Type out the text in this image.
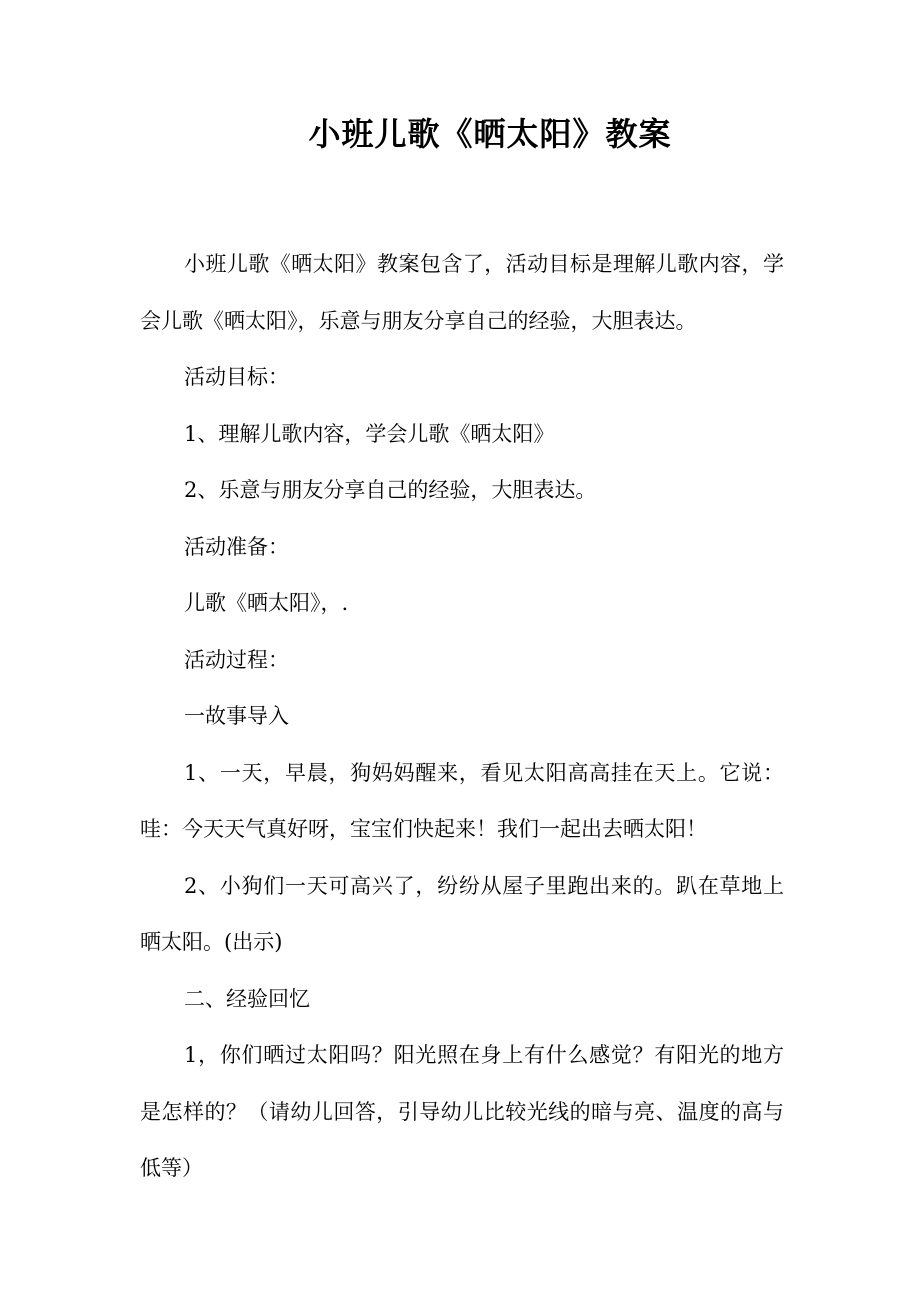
小班儿歌《晒太阳》教案

小班儿歌《晒太阳》教案包含了，活动目标是理解儿歌内容，学会儿歌《晒太阳》，乐意与朋友分享自己的经验，大胆表达。

活动目标：

1、理解儿歌内容，学会儿歌《晒太阳》

2、乐意与朋友分享自己的经验，大胆表达。

活动准备：

儿歌《晒太阳》，.

活动过程：

一故事导入

1、一天，早晨，狗妈妈醒来，看见太阳高高挂在天上。它说：哇：今天天气真好呀，宝宝们快起来！我们一起出去晒太阳！

2、小狗们一天可高兴了，纷纷从屋子里跑出来的。趴在草地上晒太阳。(出示)

二、经验回忆

1，你们晒过太阳吗？阳光照在身上有什么感觉？有阳光的地方是怎样的？（请幼儿回答，引导幼儿比较光线的暗与亮、温度的高与低等）
